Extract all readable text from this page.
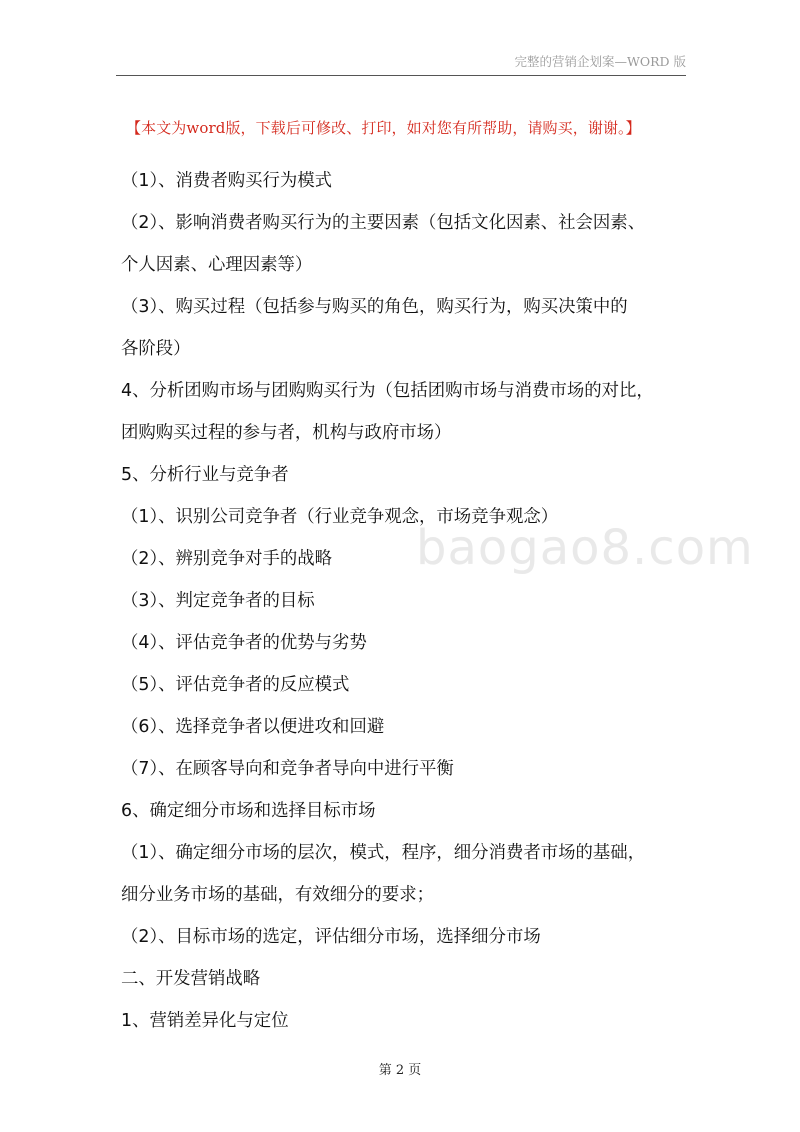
完整的营销企划案—WORD 版
【本文为word版，下载后可修改、打印，如对您有所帮助，请购买，谢谢。】
baogao8.com
（1）、消费者购买行为模式
（2）、影响消费者购买行为的主要因素（包括文化因素、社会因素、
个人因素、心理因素等）
（3）、购买过程（包括参与购买的角色，购买行为，购买决策中的
各阶段）
4、分析团购市场与团购购买行为（包括团购市场与消费市场的对比，
团购购买过程的参与者，机构与政府市场）
5、分析行业与竞争者
（1）、识别公司竞争者（行业竞争观念，市场竞争观念）
（2）、辨别竞争对手的战略
（3）、判定竞争者的目标
（4）、评估竞争者的优势与劣势
（5）、评估竞争者的反应模式
（6）、选择竞争者以便进攻和回避
（7）、在顾客导向和竞争者导向中进行平衡
6、确定细分市场和选择目标市场
（1）、确定细分市场的层次，模式，程序，细分消费者市场的基础，
细分业务市场的基础，有效细分的要求；
（2）、目标市场的选定，评估细分市场，选择细分市场
二、开发营销战略
1、营销差异化与定位
第 2 页
